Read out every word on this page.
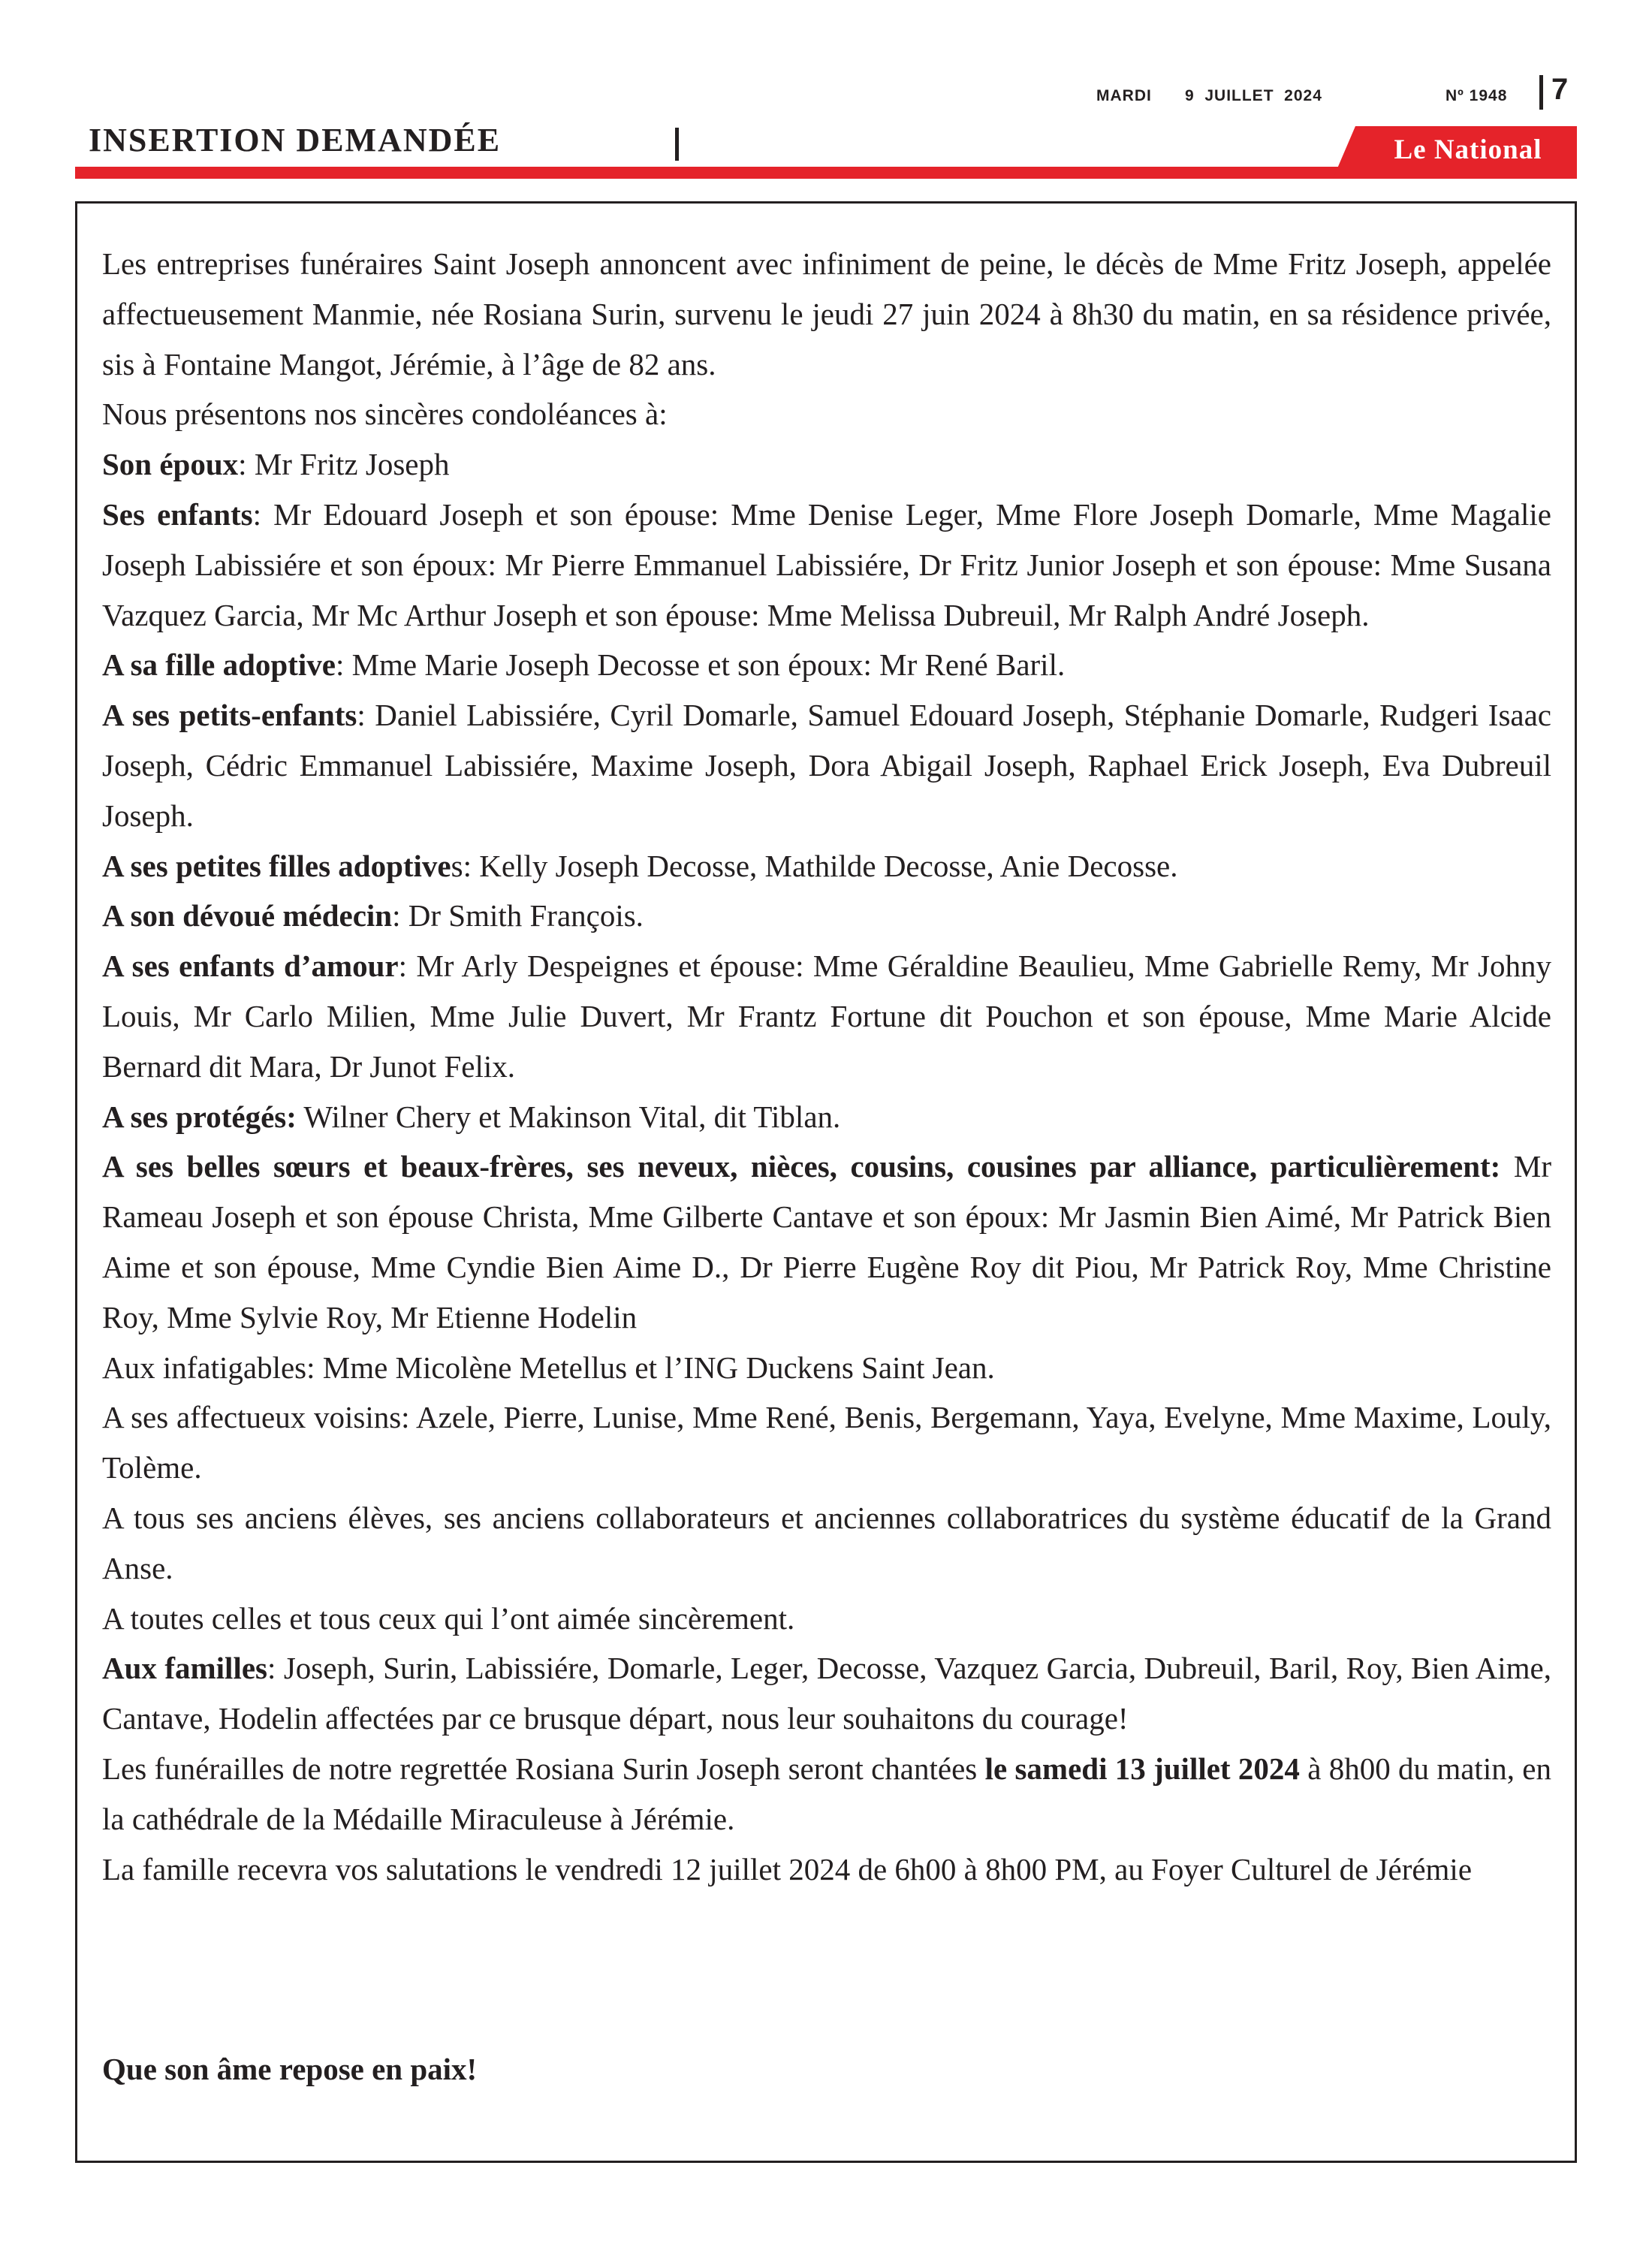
MARDI 9  JUILLET  2024	Nº 1948 7
INSERTION DEMANDÉE	Le National

Les entreprises funéraires Saint Joseph annoncent avec infiniment de peine, le décès de Mme Fritz Joseph, appelée affectueusement Manmie, née Rosiana Surin, survenu le jeudi 27 juin 2024 à 8h30 du matin, en sa résidence privée, sis à Fontaine Mangot, Jérémie, à l’âge de 82 ans.

Nous présentons nos sincères condoléances à:

Son époux: Mr Fritz Joseph

Ses enfants: Mr Edouard Joseph et son épouse: Mme Denise Leger, Mme Flore Joseph Domarle, Mme Magalie Joseph Labissiére et son époux: Mr Pierre Emmanuel Labissiére, Dr Fritz Junior Joseph et son épouse: Mme Susana Vazquez Garcia, Mr Mc Arthur Joseph et son épouse: Mme Melissa Dubreuil, Mr Ralph André Joseph.

A sa fille adoptive: Mme Marie Joseph Decosse et son époux: Mr René Baril.

A ses petits-enfants: Daniel Labissiére, Cyril Domarle, Samuel Edouard Joseph, Stéphanie Domarle, Rudgeri Isaac Joseph, Cédric Emmanuel Labissiére, Maxime Joseph, Dora Abigail Joseph, Raphael Erick Joseph, Eva Dubreuil Joseph.

A ses petites filles adoptives: Kelly Joseph Decosse, Mathilde Decosse, Anie Decosse.

A son dévoué médecin: Dr Smith François.

A ses enfants d’amour: Mr Arly Despeignes et épouse: Mme Géraldine Beaulieu, Mme Gabrielle Remy, Mr Johny Louis, Mr Carlo Milien, Mme Julie Duvert, Mr Frantz Fortune dit Pouchon et son épouse, Mme Marie Alcide Bernard dit Mara, Dr Junot Felix.

A ses protégés: Wilner Chery et Makinson Vital, dit Tiblan.

A ses belles sœurs et beaux-frères, ses neveux, nièces, cousins, cousines par alliance, particulièrement: Mr Rameau Joseph et son épouse Christa, Mme Gilberte Cantave et son époux: Mr Jasmin Bien Aimé, Mr Patrick Bien Aime et son épouse, Mme Cyndie Bien Aime D., Dr Pierre Eugène Roy dit Piou, Mr Patrick Roy, Mme Christine Roy, Mme Sylvie Roy, Mr Etienne Hodelin

Aux infatigables: Mme Micolène Metellus et l’ING Duckens Saint Jean.

A ses affectueux voisins: Azele, Pierre, Lunise, Mme René, Benis, Bergemann, Yaya, Evelyne, Mme Maxime, Louly, Tolème.

A tous ses anciens élèves, ses anciens collaborateurs et anciennes collaboratrices du système éducatif de la Grand Anse.

A toutes celles et tous ceux qui l’ont aimée sincèrement.

Aux familles: Joseph, Surin, Labissiére, Domarle, Leger, Decosse, Vazquez Garcia, Dubreuil, Baril, Roy, Bien Aime, Cantave, Hodelin affectées par ce brusque départ, nous leur souhaitons du courage!

Les funérailles de notre regrettée Rosiana Surin Joseph seront chantées le samedi 13 juillet 2024 à 8h00 du matin, en la cathédrale de la Médaille Miraculeuse à Jérémie.

La famille recevra vos salutations le vendredi 12 juillet 2024 de 6h00 à 8h00 PM, au Foyer Culturel de Jérémie

Que son âme repose en paix!
